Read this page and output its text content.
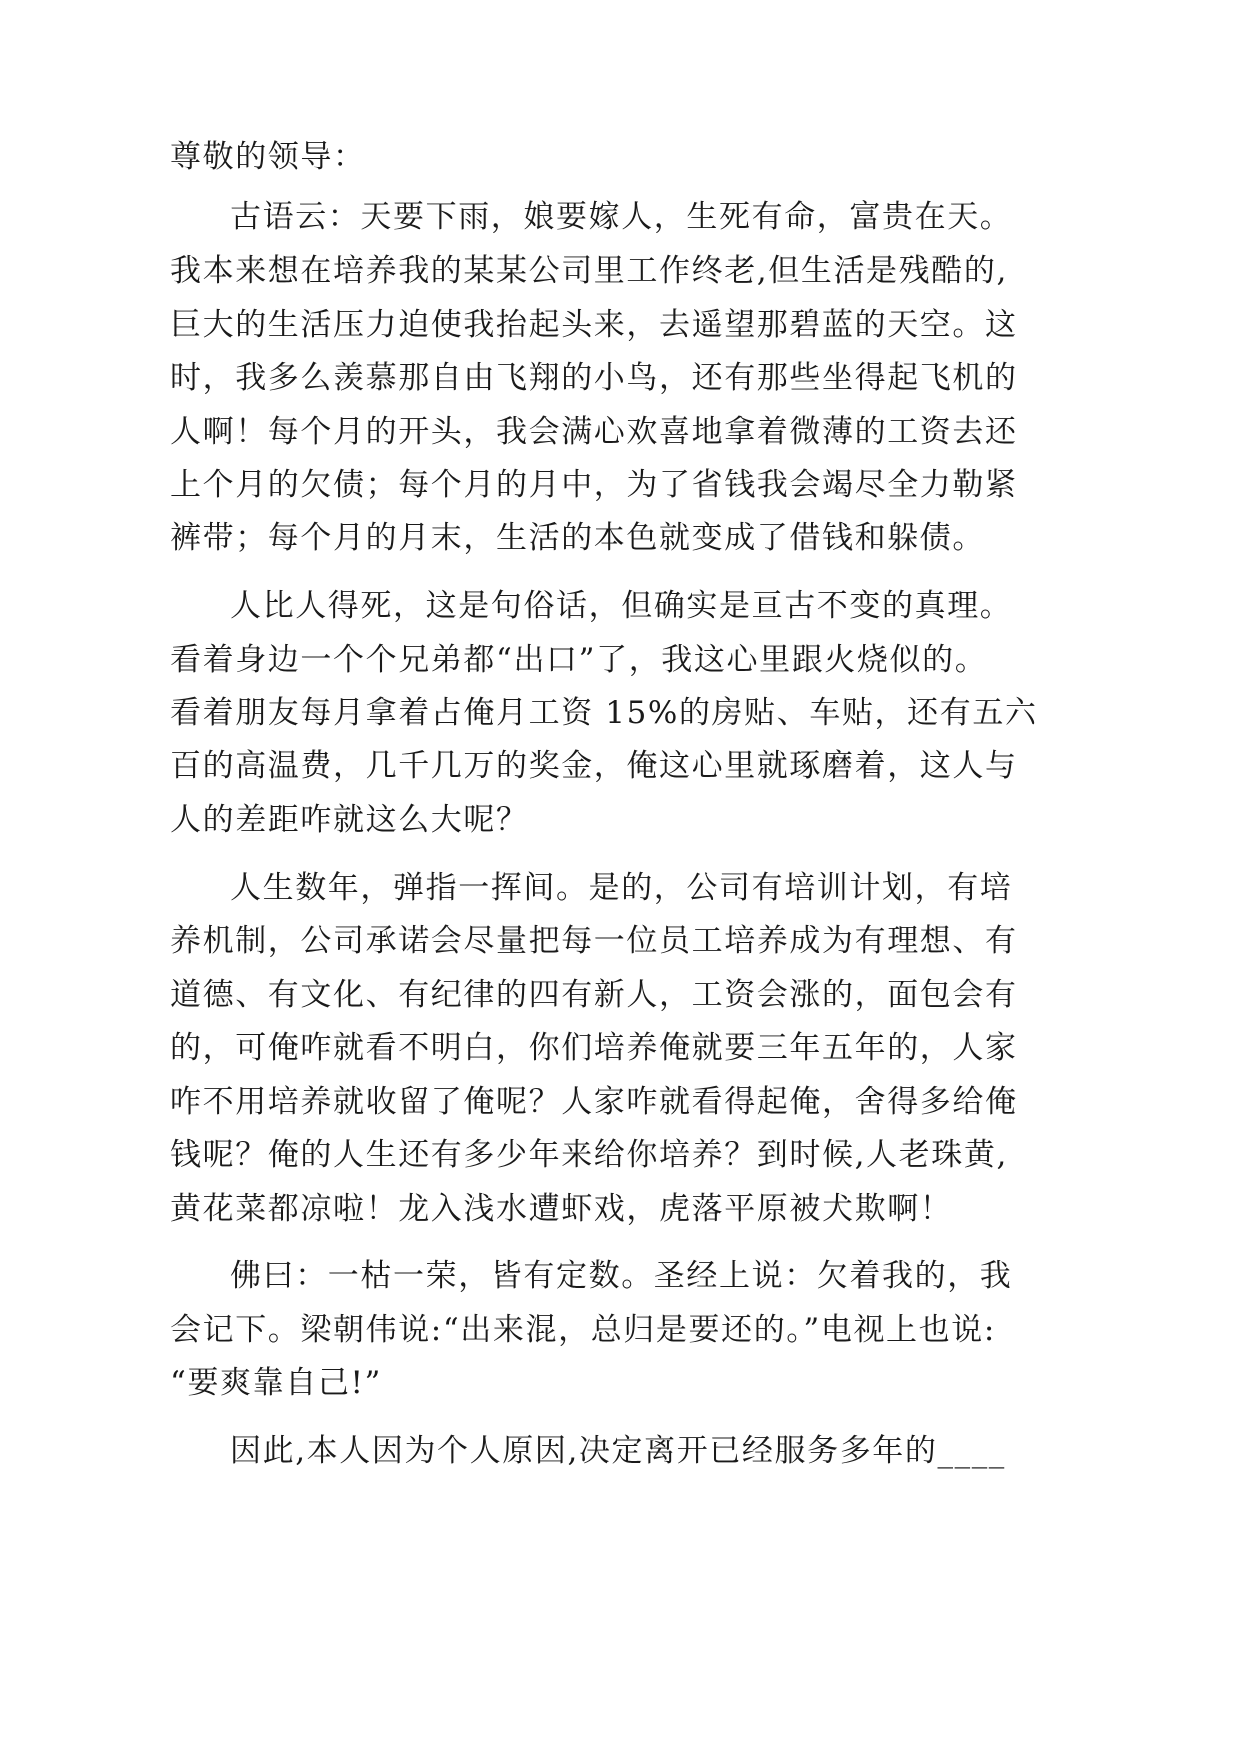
尊敬的领导：

古语云：天要下雨，娘要嫁人，生死有命，富贵在天。

我本来想在培养我的某某公司里工作终老,但生活是残酷的,

巨大的生活压力迫使我抬起头来，去遥望那碧蓝的天空。这

时，我多么羡慕那自由飞翔的小鸟，还有那些坐得起飞机的

人啊！每个月的开头，我会满心欢喜地拿着微薄的工资去还

上个月的欠债；每个月的月中，为了省钱我会竭尽全力勒紧

裤带；每个月的月末，生活的本色就变成了借钱和躲债。

人比人得死，这是句俗话，但确实是亘古不变的真理。

看着身边一个个兄弟都“出口”了，我这心里跟火烧似的。

看着朋友每月拿着占俺月工资 15%的房贴、车贴，还有五六

百的高温费，几千几万的奖金，俺这心里就琢磨着，这人与

人的差距咋就这么大呢？

人生数年，弹指一挥间。是的，公司有培训计划，有培

养机制，公司承诺会尽量把每一位员工培养成为有理想、有

道德、有文化、有纪律的四有新人，工资会涨的，面包会有

的，可俺咋就看不明白，你们培养俺就要三年五年的，人家

咋不用培养就收留了俺呢？人家咋就看得起俺，舍得多给俺

钱呢？俺的人生还有多少年来给你培养？到时候,人老珠黄,

黄花菜都凉啦！龙入浅水遭虾戏，虎落平原被犬欺啊！

佛曰：一枯一荣，皆有定数。圣经上说：欠着我的，我

会记下。梁朝伟说:“出来混，总归是要还的。”电视上也说:

“要爽靠自己!”

因此,本人因为个人原因,决定离开已经服务多年的____
